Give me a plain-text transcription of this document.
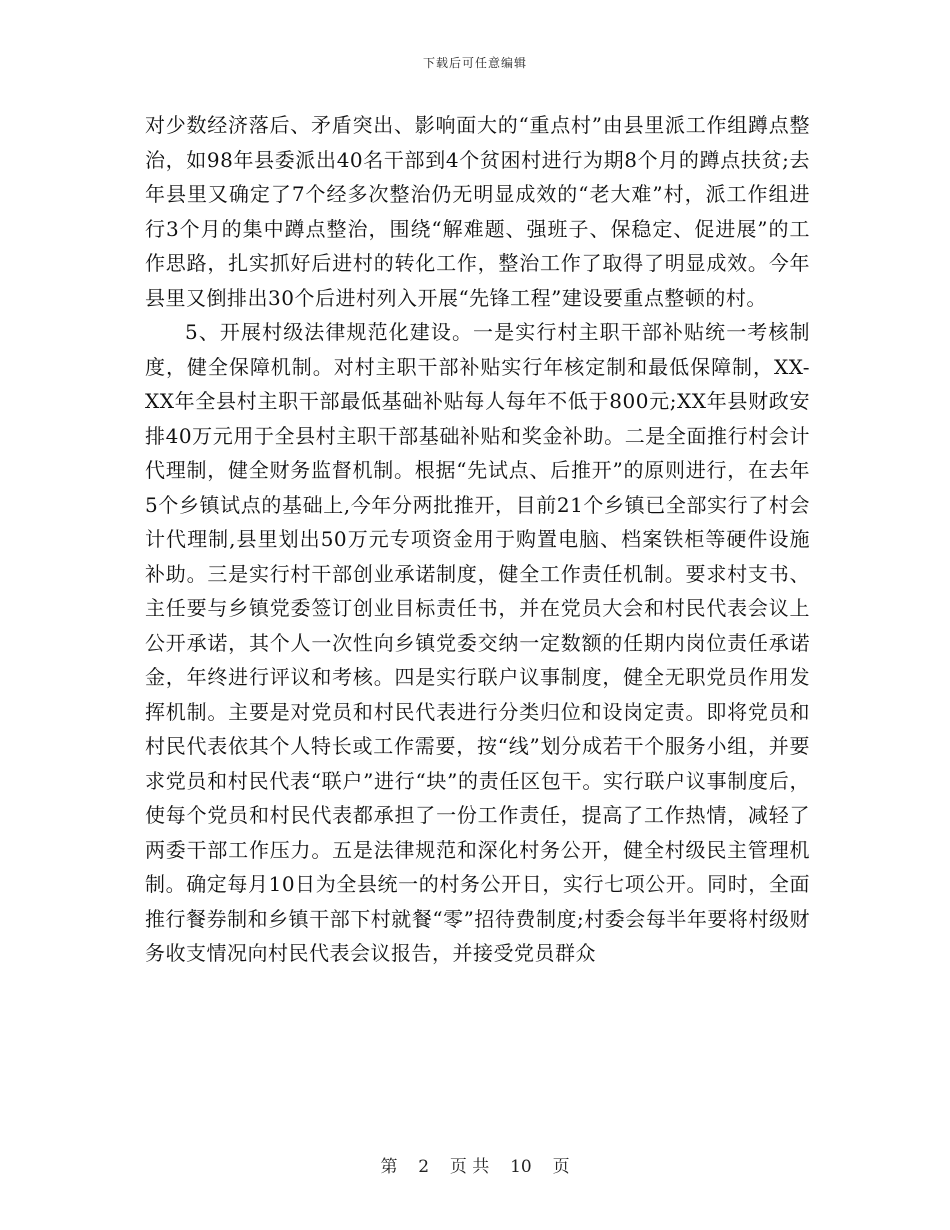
下载后可任意编辑

对少数经济落后、矛盾突出、影响面大的“重点村”由县里派工作组蹲点整治，如98年县委派出40名干部到4个贫困村进行为期8个月的蹲点扶贫;去年县里又确定了7个经多次整治仍无明显成效的“老大难”村，派工作组进行3个月的集中蹲点整治，围绕“解难题、强班子、保稳定、促进展”的工作思路，扎实抓好后进村的转化工作，整治工作了取得了明显成效。今年县里又倒排出30个后进村列入开展“先锋工程”建设要重点整顿的村。

5、开展村级法律规范化建设。一是实行村主职干部补贴统一考核制度，健全保障机制。对村主职干部补贴实行年核定制和最低保障制，XX-XX年全县村主职干部最低基础补贴每人每年不低于800元;XX年县财政安排40万元用于全县村主职干部基础补贴和奖金补助。二是全面推行村会计代理制，健全财务监督机制。根据“先试点、后推开”的原则进行，在去年5个乡镇试点的基础上,今年分两批推开，目前21个乡镇已全部实行了村会计代理制,县里划出50万元专项资金用于购置电脑、档案铁柜等硬件设施补助。三是实行村干部创业承诺制度，健全工作责任机制。要求村支书、主任要与乡镇党委签订创业目标责任书，并在党员大会和村民代表会议上公开承诺，其个人一次性向乡镇党委交纳一定数额的任期内岗位责任承诺金，年终进行评议和考核。四是实行联户议事制度，健全无职党员作用发挥机制。主要是对党员和村民代表进行分类归位和设岗定责。即将党员和村民代表依其个人特长或工作需要，按“线”划分成若干个服务小组，并要求党员和村民代表“联户”进行“块”的责任区包干。实行联户议事制度后，使每个党员和村民代表都承担了一份工作责任，提高了工作热情，减轻了两委干部工作压力。五是法律规范和深化村务公开，健全村级民主管理机制。确定每月10日为全县统一的村务公开日，实行七项公开。同时，全面推行餐券制和乡镇干部下村就餐“零”招待费制度;村委会每半年要将村级财务收支情况向村民代表会议报告，并接受党员群众

第 2 页 共 10 页
